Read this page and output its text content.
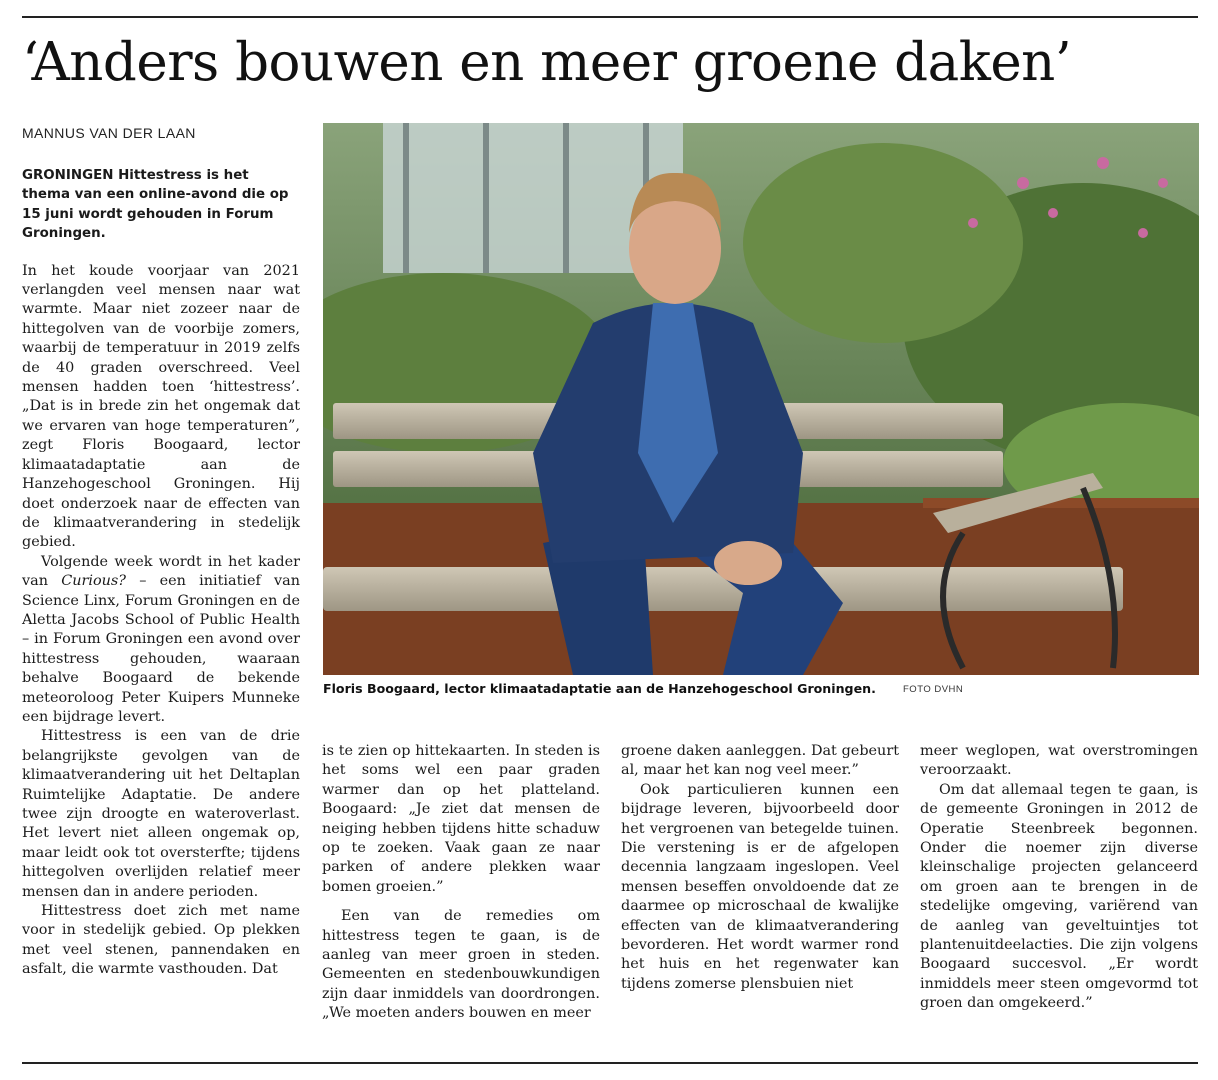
‘Anders bouwen en meer groene daken’
MANNUS VAN DER LAAN

GRONINGEN Hittestress is het thema van een online-avond die op 15 juni wordt gehouden in Forum Groningen.

In het koude voorjaar van 2021 verlangden veel mensen naar wat warmte. Maar niet zozeer naar de hittegolven van de voorbije zomers, waarbij de temperatuur in 2019 zelfs de 40 graden overschreed. Veel mensen hadden toen ‘hittestress’. „Dat is in brede zin het ongemak dat we ervaren van hoge temperaturen”, zegt Floris Boogaard, lector klimaatadaptatie aan de Hanzehogeschool Groningen. Hij doet onderzoek naar de effecten van de klimaatverandering in stedelijk gebied.

Volgende week wordt in het kader van Curious? – een initiatief van Science Linx, Forum Groningen en de Aletta Jacobs School of Public Health – in Forum Groningen een avond over hittestress gehouden, waaraan behalve Boogaard de bekende meteoroloog Peter Kuipers Munneke een bijdrage levert.

Hittestress is een van de drie belangrijkste gevolgen van de klimaatverandering uit het Deltaplan Ruimtelijke Adaptatie. De andere twee zijn droogte en wateroverlast. Het levert niet alleen ongemak op, maar leidt ook tot oversterfte; tijdens hittegolven overlijden relatief meer mensen dan in andere perioden.

Hittestress doet zich met name voor in stedelijk gebied. Op plekken met veel stenen, pannendaken en asfalt, die warmte vasthouden. Dat

Floris Boogaard, lector klimaatadaptatie aan de Hanzehogeschool Groningen.	FOTO DVHN

is te zien op hittekaarten. In steden is het soms wel een paar graden warmer dan op het platteland. Boogaard: „Je ziet dat mensen de neiging hebben tijdens hitte schaduw op te zoeken. Vaak gaan ze naar parken of andere plekken waar bomen groeien.”

Een van de remedies om hittestress tegen te gaan, is de aanleg van meer groen in steden. Gemeenten en stedenbouwkundigen zijn daar inmiddels van doordrongen. „We moeten anders bouwen en meer

groene daken aanleggen. Dat gebeurt al, maar het kan nog veel meer.”

Ook particulieren kunnen een bijdrage leveren, bijvoorbeeld door het vergroenen van betegelde tuinen. Die verstening is er de afgelopen decennia langzaam ingeslopen. Veel mensen beseffen onvoldoende dat ze daarmee op microschaal de kwalijke effecten van de klimaatverandering bevorderen. Het wordt warmer rond het huis en het regenwater kan tijdens zomerse plensbuien niet

meer weglopen, wat overstromingen veroorzaakt.

Om dat allemaal tegen te gaan, is de gemeente Groningen in 2012 de Operatie Steenbreek begonnen. Onder die noemer zijn diverse kleinschalige projecten gelanceerd om groen aan te brengen in de stedelijke omgeving, variërend van de aanleg van geveltuintjes tot plantenuitdeelacties. Die zijn volgens Boogaard succesvol. „Er wordt inmiddels meer steen omgevormd tot groen dan omgekeerd.”
